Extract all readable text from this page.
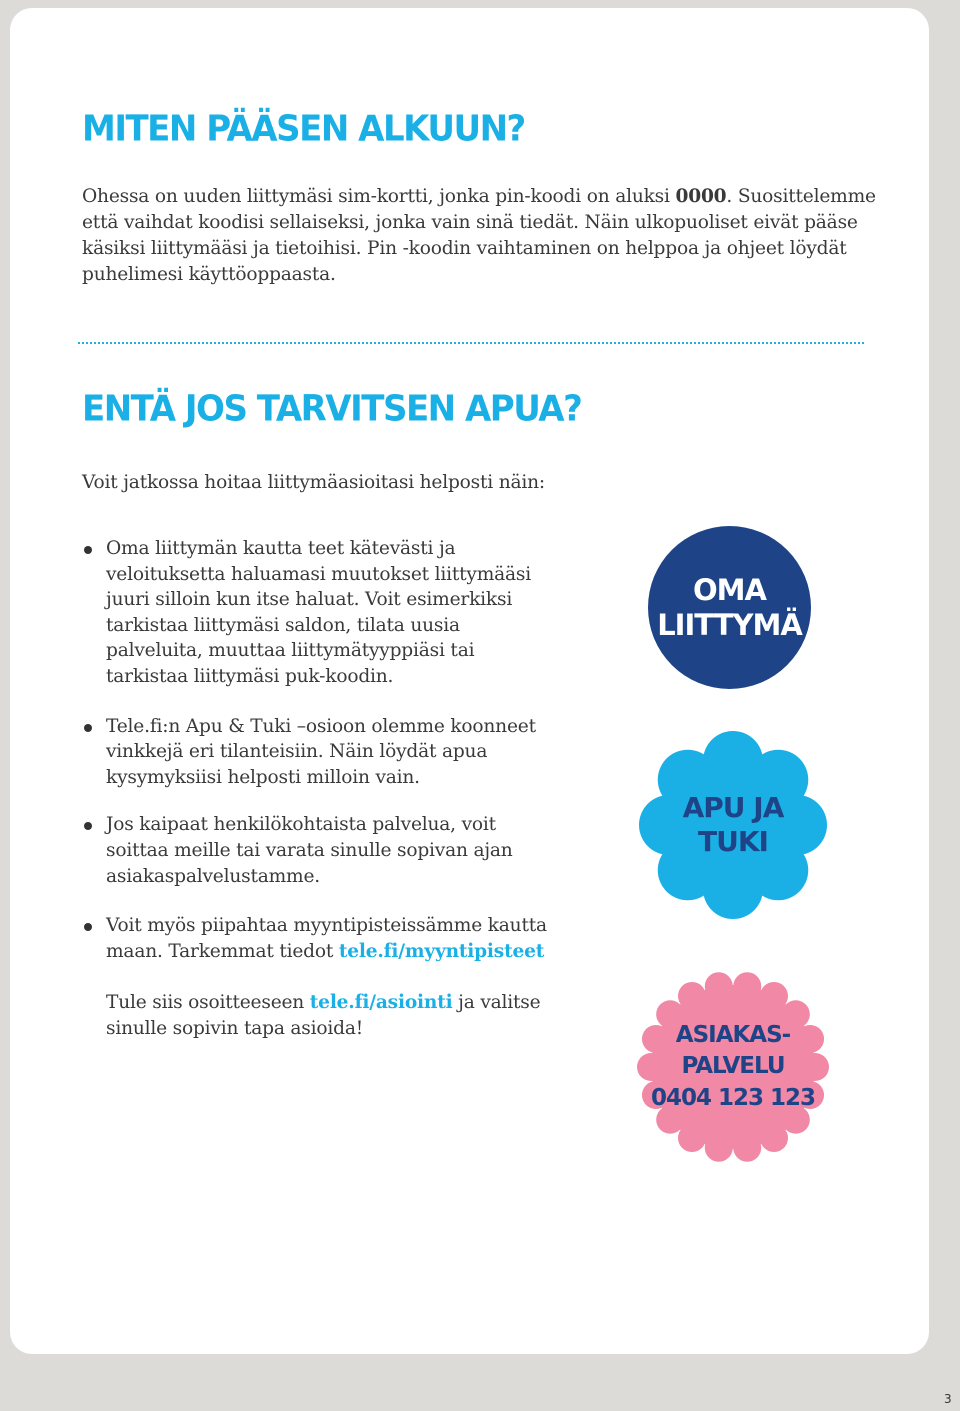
MITEN PÄÄSEN ALKUUN?

Ohessa on uuden liittymäsi sim-kortti, jonka pin-koodi on aluksi 0000. Suosittelemme että vaihdat koodisi sellaiseksi, jonka vain sinä tiedät. Näin ulkopuoliset eivät pääse käsiksi liittymääsi ja tietoihisi. Pin -koodin vaihtaminen on helppoa ja ohjeet löydät puhelimesi käyttöoppaasta.

ENTÄ JOS TARVITSEN APUA?

Voit jatkossa hoitaa liittymäasioitasi helposti näin:

Oma liittymän kautta teet kätevästi ja veloituksetta haluamasi muutokset liittymääsi juuri silloin kun itse haluat. Voit esimerkiksi tarkistaa liittymäsi saldon, tilata uusia palveluita, muuttaa liittymätyyppiäsi tai tarkistaa liittymäsi puk-koodin.
Tele.fi:n Apu & Tuki –osioon olemme koonneet vinkkejä eri tilanteisiin. Näin löydät apua kysymyksiisi helposti milloin vain.
Jos kaipaat henkilökohtaista palvelua, voit soittaa meille tai varata sinulle sopivan ajan asiakaspalvelustamme.
Voit myös piipahtaa myyntipisteissämme kautta maan. Tarkemmat tiedot tele.fi/myyntipisteet
Tule siis osoitteeseen tele.fi/asiointi ja valitse sinulle sopivin tapa asioida!
OMA
LIITTYMÄ
APU JA
TUKI
ASIAKAS-
PALVELU
0404 123 123
3
